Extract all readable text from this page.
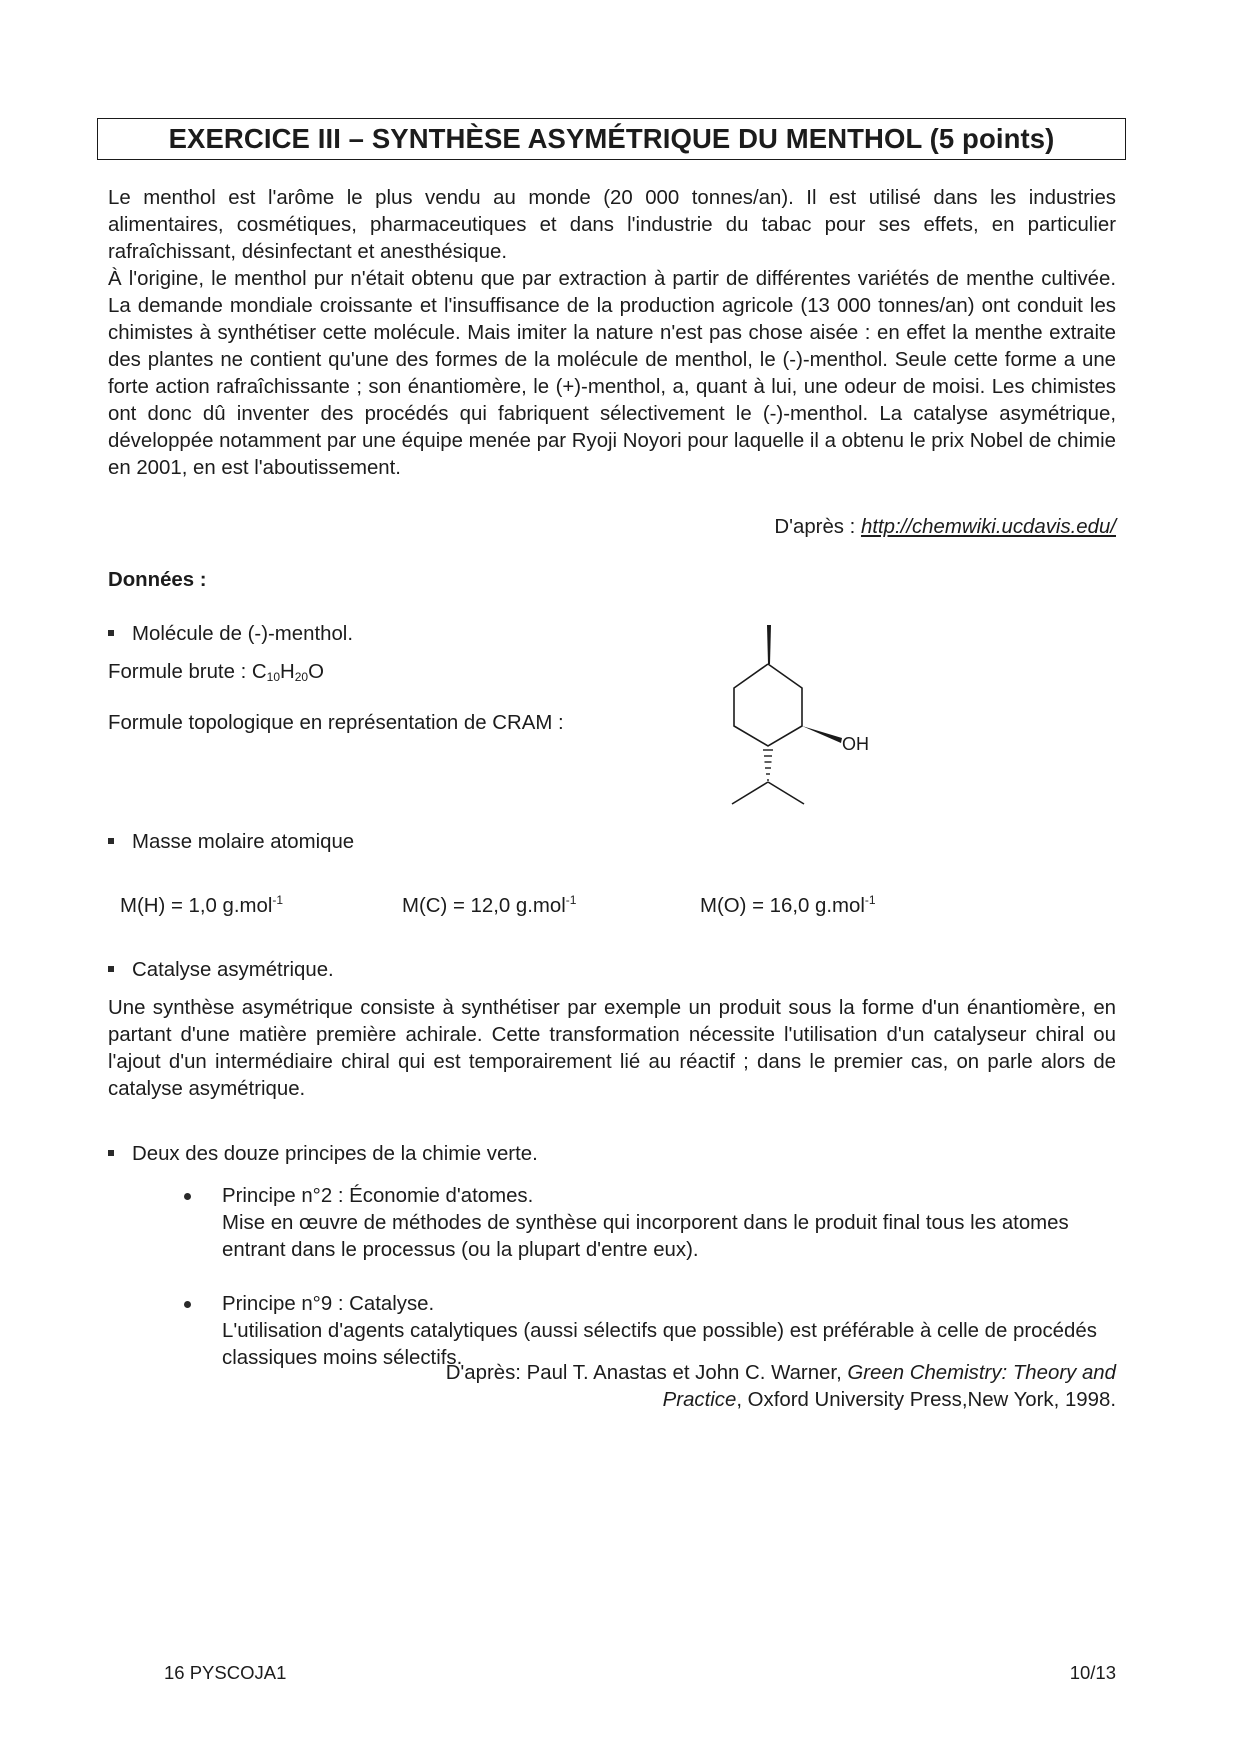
EXERCICE III – SYNTHÈSE ASYMÉTRIQUE DU MENTHOL (5 points)

Le menthol est l'arôme le plus vendu au monde (20 000 tonnes/an). Il est utilisé dans les industries alimentaires, cosmétiques, pharmaceutiques et dans l'industrie du tabac pour ses effets, en particulier rafraîchissant, désinfectant et anesthésique.

À l'origine, le menthol pur n'était obtenu que par extraction à partir de différentes variétés de menthe cultivée. La demande mondiale croissante et l'insuffisance de la production agricole (13 000 tonnes/an) ont conduit les chimistes à synthétiser cette molécule. Mais imiter la nature n'est pas chose aisée : en effet la menthe extraite des plantes ne contient qu'une des formes de la molécule de menthol, le (-)-menthol. Seule cette forme a une forte action rafraîchissante ; son énantiomère, le (+)-menthol, a, quant à lui, une odeur de moisi. Les chimistes ont donc dû inventer des procédés qui fabriquent sélectivement le (-)-menthol. La catalyse asymétrique, développée notamment par une équipe menée par Ryoji Noyori pour laquelle il a obtenu le prix Nobel de chimie en 2001, en est l'aboutissement.

D'après : http://chemwiki.ucdavis.edu/
Données :
Molécule de (-)-menthol.
Formule brute : $C_{10}H_{20}O$
Formule topologique en représentation de CRAM :
OH
Masse molaire atomique
M(H) = 1,0 g.mol$^{-1}$	M(C) = 12,0 g.mol$^{-1}$	M(O) = 16,0 g.mol$^{-1}$
Catalyse asymétrique.

Une synthèse asymétrique consiste à synthétiser par exemple un produit sous la forme d'un énantiomère, en partant d'une matière première achirale. Cette transformation nécessite l'utilisation d'un catalyseur chiral ou l'ajout d'un intermédiaire chiral qui est temporairement lié au réactif ; dans le premier cas, on parle alors de catalyse asymétrique.

Deux des douze principes de la chimie verte.
Principe n°2 : Économie d'atomes.
Mise en œuvre de méthodes de synthèse qui incorporent dans le produit final tous les atomes entrant dans le processus (ou la plupart d'entre eux).
Principe n°9 : Catalyse.
L'utilisation d'agents catalytiques (aussi sélectifs que possible) est préférable à celle de procédés classiques moins sélectifs.
D'après: Paul T. Anastas et John C. Warner, Green Chemistry: Theory and Practice, Oxford University Press,New York, 1998.
16 PYSCOJA1	10/13
